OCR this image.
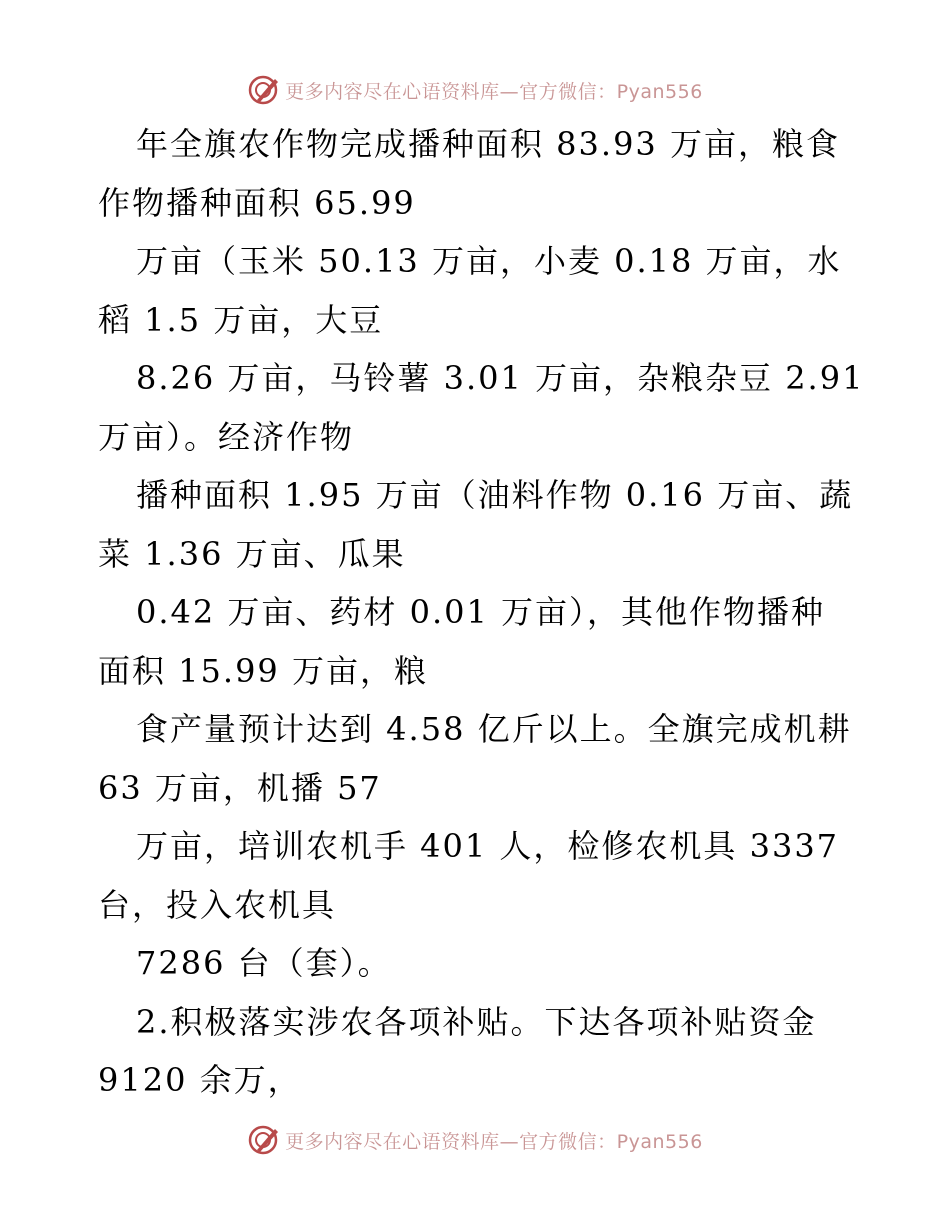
更多内容尽在心语资料库—官方微信：Pyan556
年全旗农作物完成播种面积 83.93 万亩，粮食
作物播种面积 65.99
万亩（玉米 50.13 万亩，小麦 0.18 万亩，水
稻 1.5 万亩，大豆
8.26 万亩，马铃薯 3.01 万亩，杂粮杂豆 2.91
万亩）。经济作物
播种面积 1.95 万亩（油料作物 0.16 万亩、蔬
菜 1.36 万亩、瓜果
0.42 万亩、药材 0.01 万亩），其他作物播种
面积 15.99 万亩，粮
食产量预计达到 4.58 亿斤以上。全旗完成机耕
63 万亩，机播 57
万亩，培训农机手 401 人，检修农机具 3337
台，投入农机具
7286 台（套）。
2.积极落实涉农各项补贴。下达各项补贴资金
9120 余万，
更多内容尽在心语资料库—官方微信：Pyan556
